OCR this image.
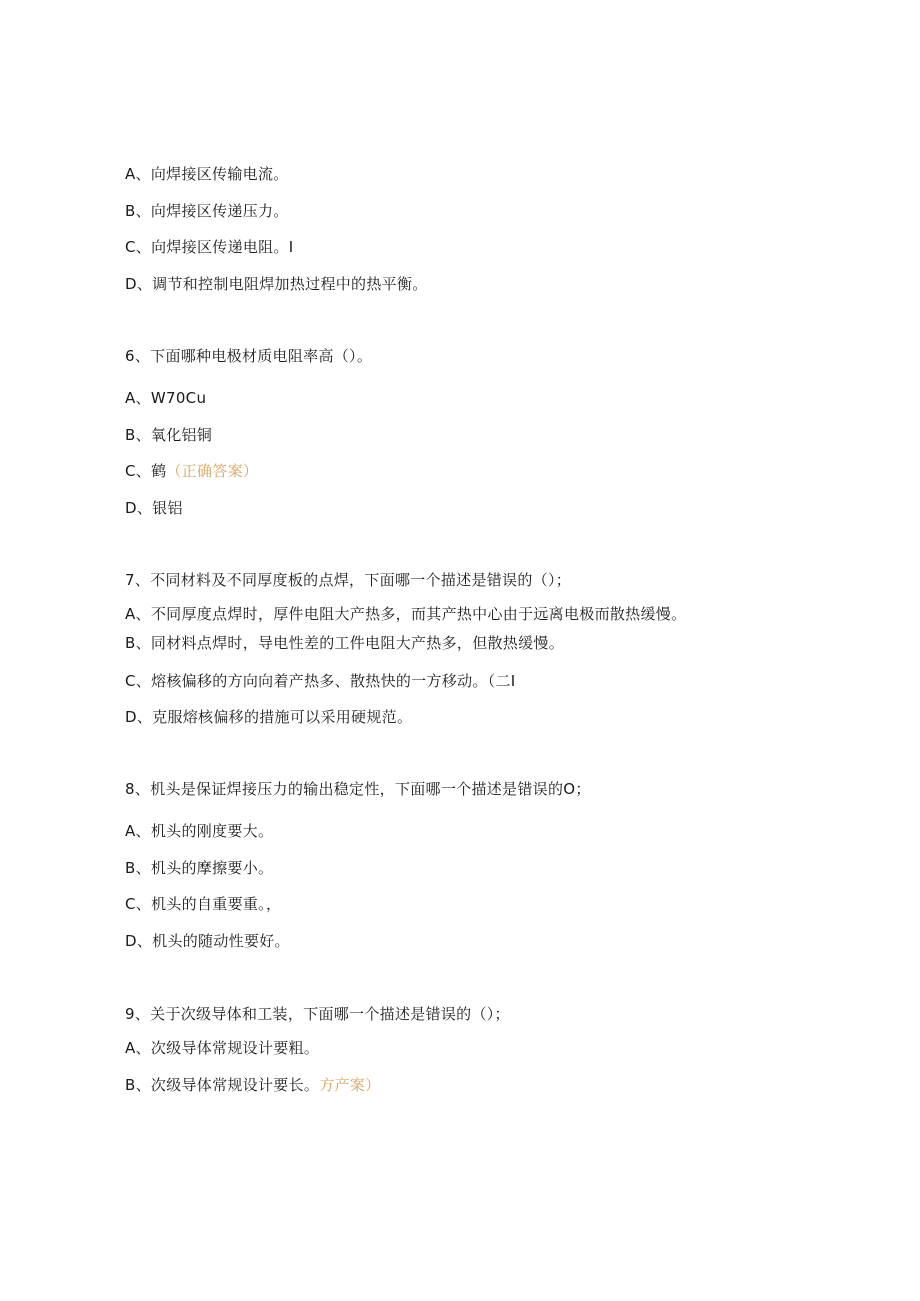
A、向焊接区传输电流。
B、向焊接区传递压力。
C、向焊接区传递电阻。I
D、调节和控制电阻焊加热过程中的热平衡。
6、下面哪种电极材质电阻率高（）。
A、W70Cu
B、氧化铝铜
C、鹤（正确答案）
D、银铝
7、不同材料及不同厚度板的点焊，下面哪一个描述是错误的（）；
A、不同厚度点焊时，厚件电阻大产热多，而其产热中心由于远离电极而散热缓慢。
B、同材料点焊时，导电性差的工件电阻大产热多，但散热缓慢。
C、熔核偏移的方向向着产热多、散热快的一方移动。（二I
D、克服熔核偏移的措施可以采用硬规范。
8、机头是保证焊接压力的输出稳定性，下面哪一个描述是错误的O；
A、机头的刚度要大。
B、机头的摩擦要小。
C、机头的自重要重。，
D、机头的随动性要好。
9、关于次级导体和工装，下面哪一个描述是错误的（）；
A、次级导体常规设计要粗。
B、次级导体常规设计要长。方产案）
